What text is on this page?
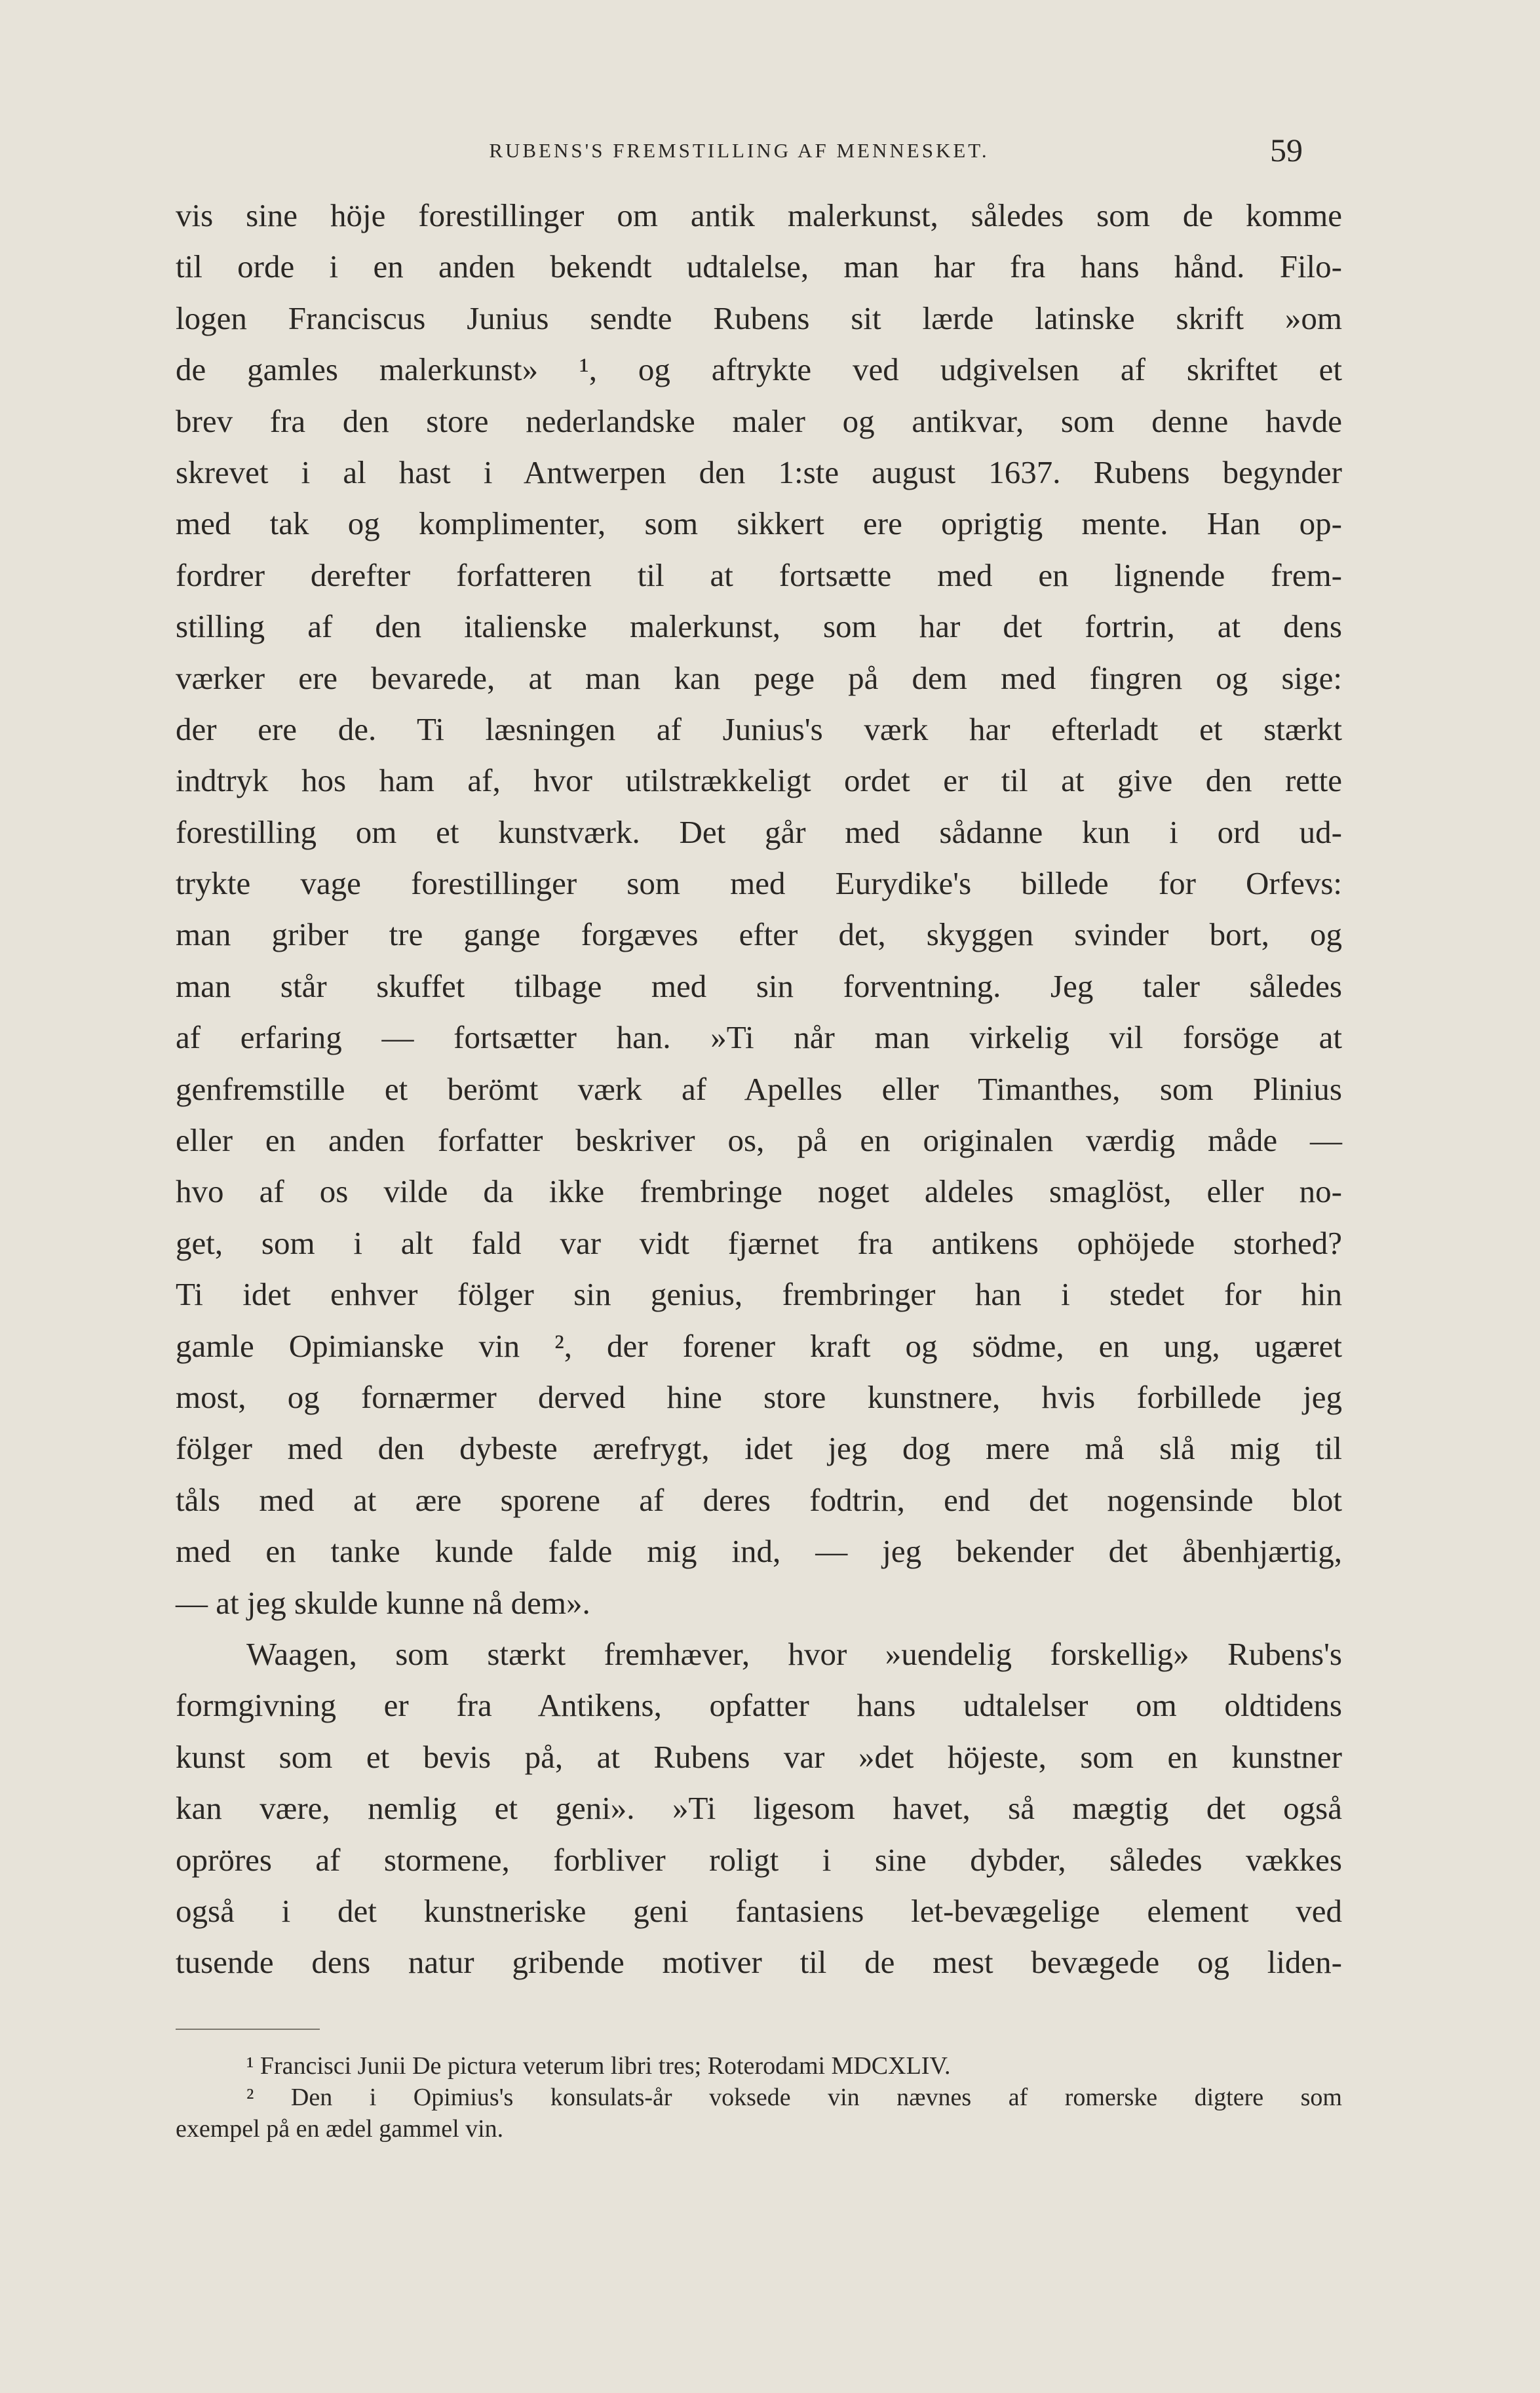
RUBENS'S FREMSTILLING AF MENNESKET.	59
vis sine höje forestillinger om antik malerkunst, således som de komme
til orde i en anden bekendt udtalelse, man har fra hans hånd. Filo-
logen Franciscus Junius sendte Rubens sit lærde latinske skrift »om
de gamles malerkunst» ¹, og aftrykte ved udgivelsen af skriftet et
brev fra den store nederlandske maler og antikvar, som denne havde
skrevet i al hast i Antwerpen den 1:ste august 1637. Rubens begynder
med tak og komplimenter, som sikkert ere oprigtig mente. Han op-
fordrer derefter forfatteren til at fortsætte med en lignende frem-
stilling af den italienske malerkunst, som har det fortrin, at dens
værker ere bevarede, at man kan pege på dem med fingren og sige:
der ere de. Ti læsningen af Junius's værk har efterladt et stærkt
indtryk hos ham af, hvor utilstrækkeligt ordet er til at give den rette
forestilling om et kunstværk. Det går med sådanne kun i ord ud-
trykte vage forestillinger som med Eurydike's billede for Orfevs:
man griber tre gange forgæves efter det, skyggen svinder bort, og
man står skuffet tilbage med sin forventning. Jeg taler således
af erfaring — fortsætter han. »Ti når man virkelig vil forsöge at
genfremstille et berömt værk af Apelles eller Timanthes, som Plinius
eller en anden forfatter beskriver os, på en originalen værdig måde —
hvo af os vilde da ikke frembringe noget aldeles smaglöst, eller no-
get, som i alt fald var vidt fjærnet fra antikens ophöjede storhed?
Ti idet enhver fölger sin genius, frembringer han i stedet for hin
gamle Opimianske vin ², der forener kraft og södme, en ung, ugæret
most, og fornærmer derved hine store kunstnere, hvis forbillede jeg
fölger med den dybeste ærefrygt, idet jeg dog mere må slå mig til
tåls med at ære sporene af deres fodtrin, end det nogensinde blot
med en tanke kunde falde mig ind, — jeg bekender det åbenhjærtig,
— at jeg skulde kunne nå dem».
Waagen, som stærkt fremhæver, hvor »uendelig forskellig» Rubens's
formgivning er fra Antikens, opfatter hans udtalelser om oldtidens
kunst som et bevis på, at Rubens var »det höjeste, som en kunstner
kan være, nemlig et geni». »Ti ligesom havet, så mægtig det også
opröres af stormene, forbliver roligt i sine dybder, således vækkes
også i det kunstneriske geni fantasiens let-bevægelige element ved
tusende dens natur gribende motiver til de mest bevægede og liden-
¹ Francisci Junii De pictura veterum libri tres; Roterodami MDCXLIV.
² Den i Opimius's konsulats-år voksede vin nævnes af romerske digtere som
exempel på en ædel gammel vin.
